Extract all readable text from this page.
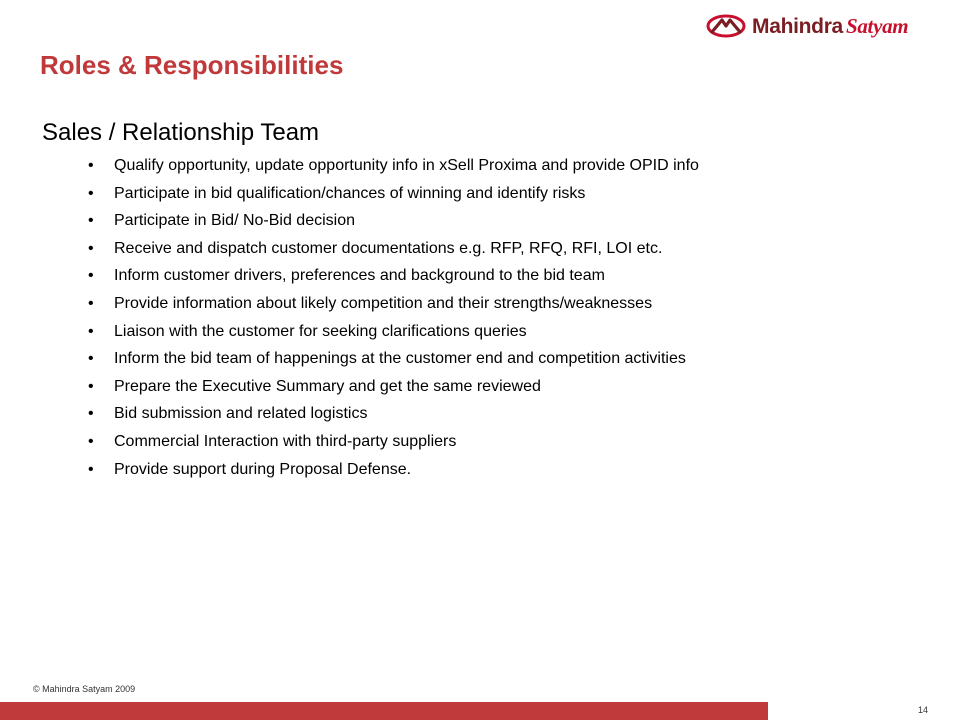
Mahindra Satyam
Roles & Responsibilities
Sales / Relationship Team
• Qualify opportunity, update opportunity info in xSell Proxima and provide OPID info
• Participate in bid qualification/chances of winning and identify risks
• Participate in Bid/ No-Bid decision
• Receive and dispatch customer documentations e.g. RFP, RFQ, RFI, LOI etc.
• Inform customer drivers, preferences and background to the bid team
• Provide information about likely competition and their strengths/weaknesses
• Liaison with the customer for seeking clarifications queries
• Inform the bid team of happenings at the customer end and competition activities
• Prepare the Executive Summary and get the same reviewed
• Bid submission and related logistics
• Commercial Interaction with third-party suppliers
• Provide support during Proposal Defense.
© Mahindra Satyam 2009
14
